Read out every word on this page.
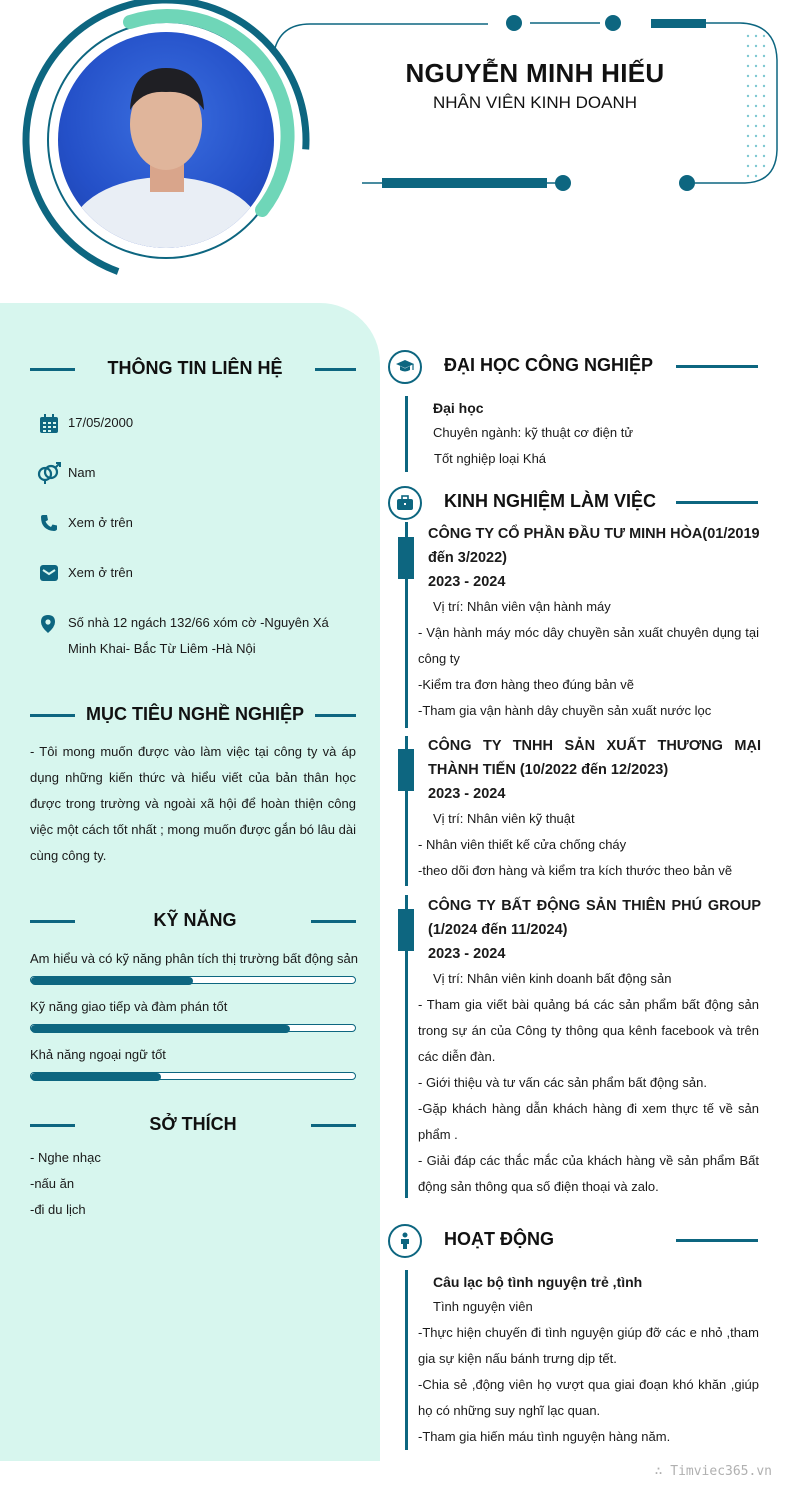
NGUYỄN MINH HIẾU
NHÂN VIÊN KINH DOANH
THÔNG TIN LIÊN HỆ
17/05/2000
Nam
Xem ở trên
Xem ở trên
Số nhà 12 ngách 132/66 xóm cờ -Nguyên Xá
Minh Khai- Bắc Từ Liêm -Hà Nội
MỤC TIÊU NGHỀ NGHIỆP
- Tôi mong muốn được vào làm việc tại công ty và áp dụng những kiến thức và hiểu viết của bản thân học được trong trường và ngoài xã hội để hoàn thiện công việc một cách tốt nhất ; mong muốn được gắn bó lâu dài cùng công ty.
KỸ NĂNG
Am hiểu và có kỹ năng phân tích thị trường bất động sản
Kỹ năng giao tiếp và đàm phán tốt
Khả năng ngoại ngữ tốt
SỞ THÍCH
- Nghe nhạc
-nấu ăn
-đi du lịch
ĐẠI HỌC CÔNG NGHIỆP
Đại học
Chuyên ngành: kỹ thuật cơ điện tử
Tốt nghiệp loại Khá
KINH NGHIỆM LÀM VIỆC
CÔNG TY CỔ PHẦN ĐẦU TƯ MINH HÒA(01/2019 đến 3/2022)
2023 - 2024
Vị trí: Nhân viên vận hành máy
- Vận hành máy móc dây chuyền sản xuất chuyên dụng tại công ty
-Kiểm tra đơn hàng theo đúng bản vẽ
-Tham gia vận hành dây chuyền sản xuất nước lọc
CÔNG TY TNHH SẢN XUẤT THƯƠNG MẠI THÀNH TIẾN (10/2022 đến 12/2023)
2023 - 2024
Vị trí: Nhân viên kỹ thuật
- Nhân viên thiết kế cửa chống cháy
-theo dõi đơn hàng và kiểm tra kích thước theo bản vẽ
CÔNG TY BẤT ĐỘNG SẢN THIÊN PHÚ GROUP (1/2024 đến 11/2024)
2023 - 2024
Vị trí: Nhân viên kinh doanh bất động sản
- Tham gia viết bài quảng bá các sản phẩm bất động sản trong sự án của Công ty thông qua kênh facebook và trên các diễn đàn.
- Giới thiệu và tư vấn các sản phẩm bất động sản.
-Gặp khách hàng dẫn khách hàng đi xem thực tế về sản phẩm .
- Giải đáp các thắc mắc của khách hàng về sản phẩm Bất động sản thông qua số điện thoại và zalo.
HOẠT ĐỘNG
Câu lạc bộ tình nguyện trẻ ,tình
Tình nguyện viên
-Thực hiện chuyến đi tình nguyện giúp đỡ các e nhỏ ,tham gia sự kiện nấu bánh trưng dịp tết.
-Chia sẻ ,động viên họ vượt qua giai đoạn khó khăn ,giúp họ có những suy nghĩ lạc quan.
-Tham gia hiến máu tình nguyện hàng năm.
∴ Timviec365.vn
